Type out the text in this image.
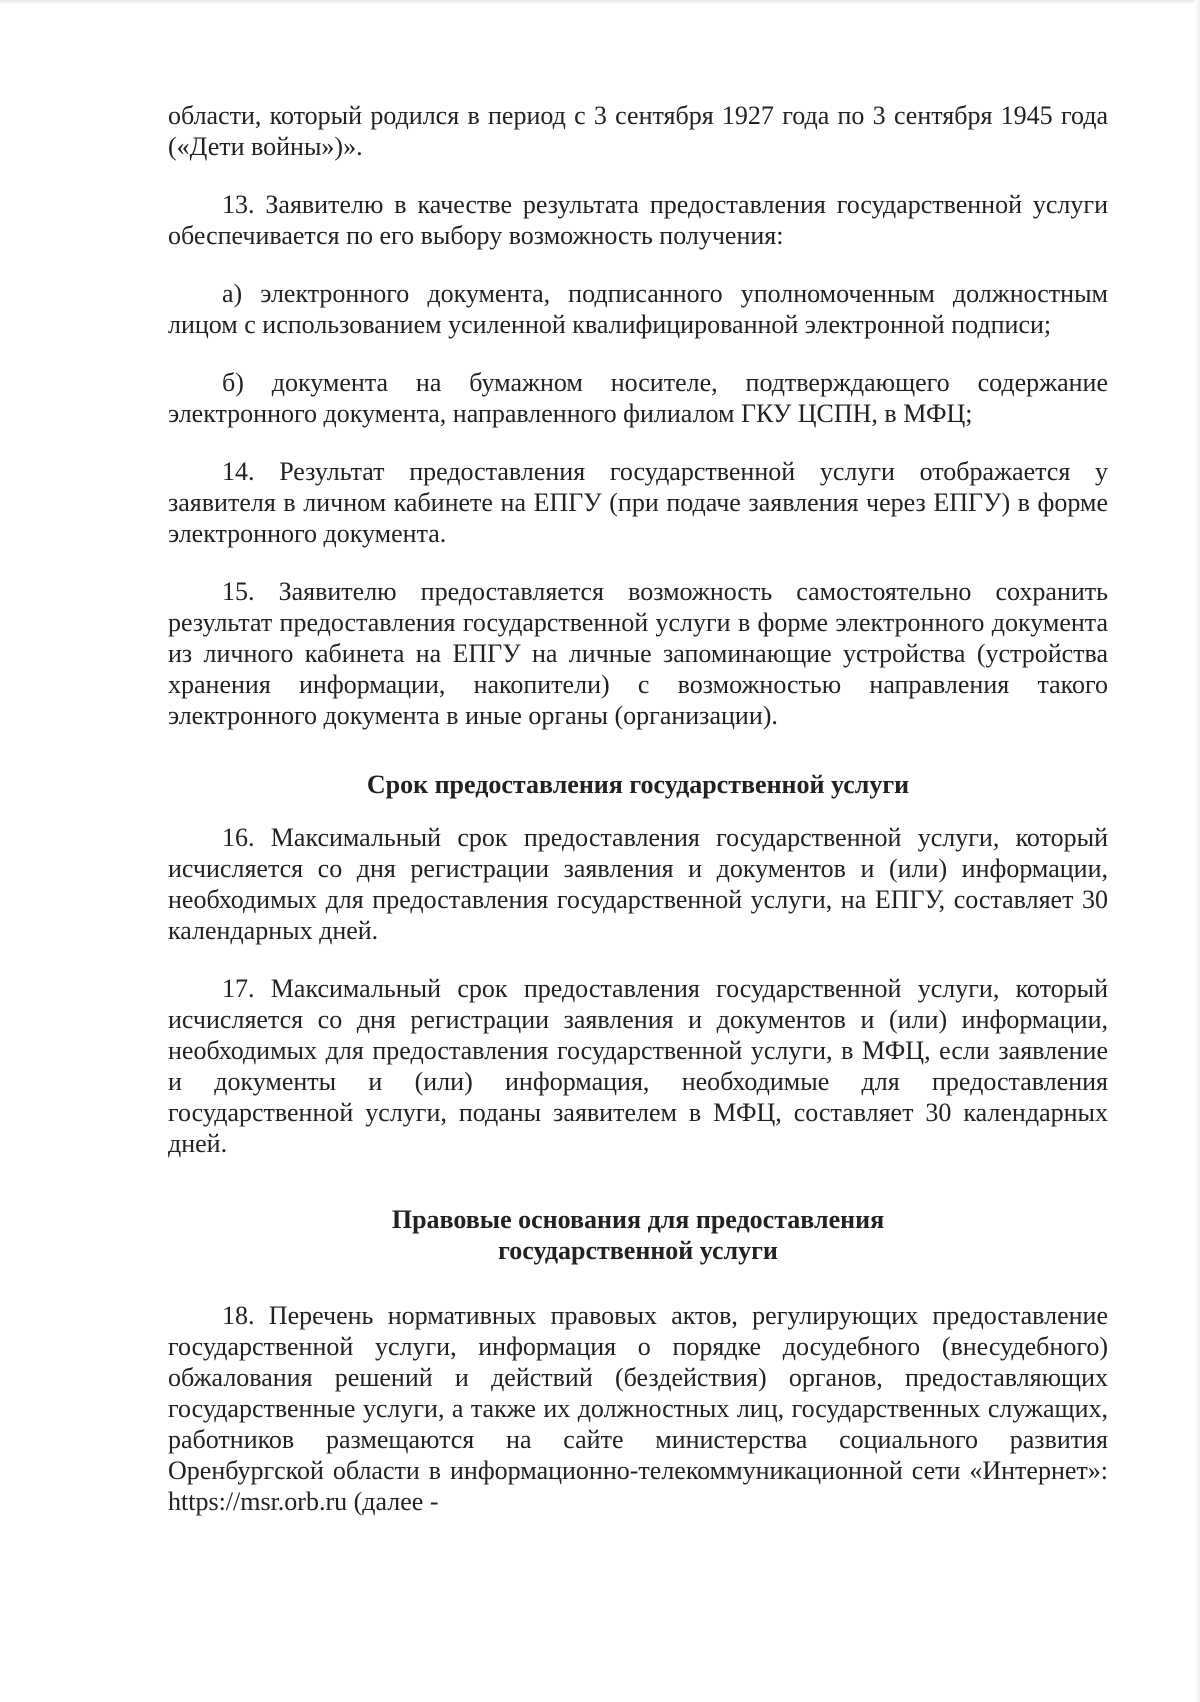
области, который родился в период с 3 сентября 1927 года по 3 сентября 1945 года («Дети войны»)».

13. Заявителю в качестве результата предоставления государственной услуги обеспечивается по его выбору возможность получения:

а) электронного документа, подписанного уполномоченным должностным лицом с использованием усиленной квалифицированной электронной подписи;

б) документа на бумажном носителе, подтверждающего содержание электронного документа, направленного филиалом ГКУ ЦСПН, в МФЦ;

14. Результат предоставления государственной услуги отображается у заявителя в личном кабинете на ЕПГУ (при подаче заявления через ЕПГУ) в форме электронного документа.

15. Заявителю предоставляется возможность самостоятельно сохранить результат предоставления государственной услуги в форме электронного документа из личного кабинета на ЕПГУ на личные запоминающие устройства (устройства хранения информации, накопители) с возможностью направления такого электронного документа в иные органы (организации).

Срок предоставления государственной услуги

16. Максимальный срок предоставления государственной услуги, который исчисляется со дня регистрации заявления и документов и (или) информации, необходимых для предоставления государственной услуги, на ЕПГУ, составляет 30 календарных дней.

17. Максимальный срок предоставления государственной услуги, который исчисляется со дня регистрации заявления и документов и (или) информации, необходимых для предоставления государственной услуги, в МФЦ, если заявление и документы и (или) информация, необходимые для предоставления государственной услуги, поданы заявителем в МФЦ, составляет 30 календарных дней.

Правовые основания для предоставления
государственной услуги

18. Перечень нормативных правовых актов, регулирующих предоставление государственной услуги, информация о порядке досудебного (внесудебного) обжалования решений и действий (бездействия) органов, предоставляющих государственные услуги, а также их должностных лиц, государственных служащих, работников размещаются на сайте министерства социального развития Оренбургской области в информационно-телекоммуникационной сети «Интернет»: https://msr.orb.ru (далее -
